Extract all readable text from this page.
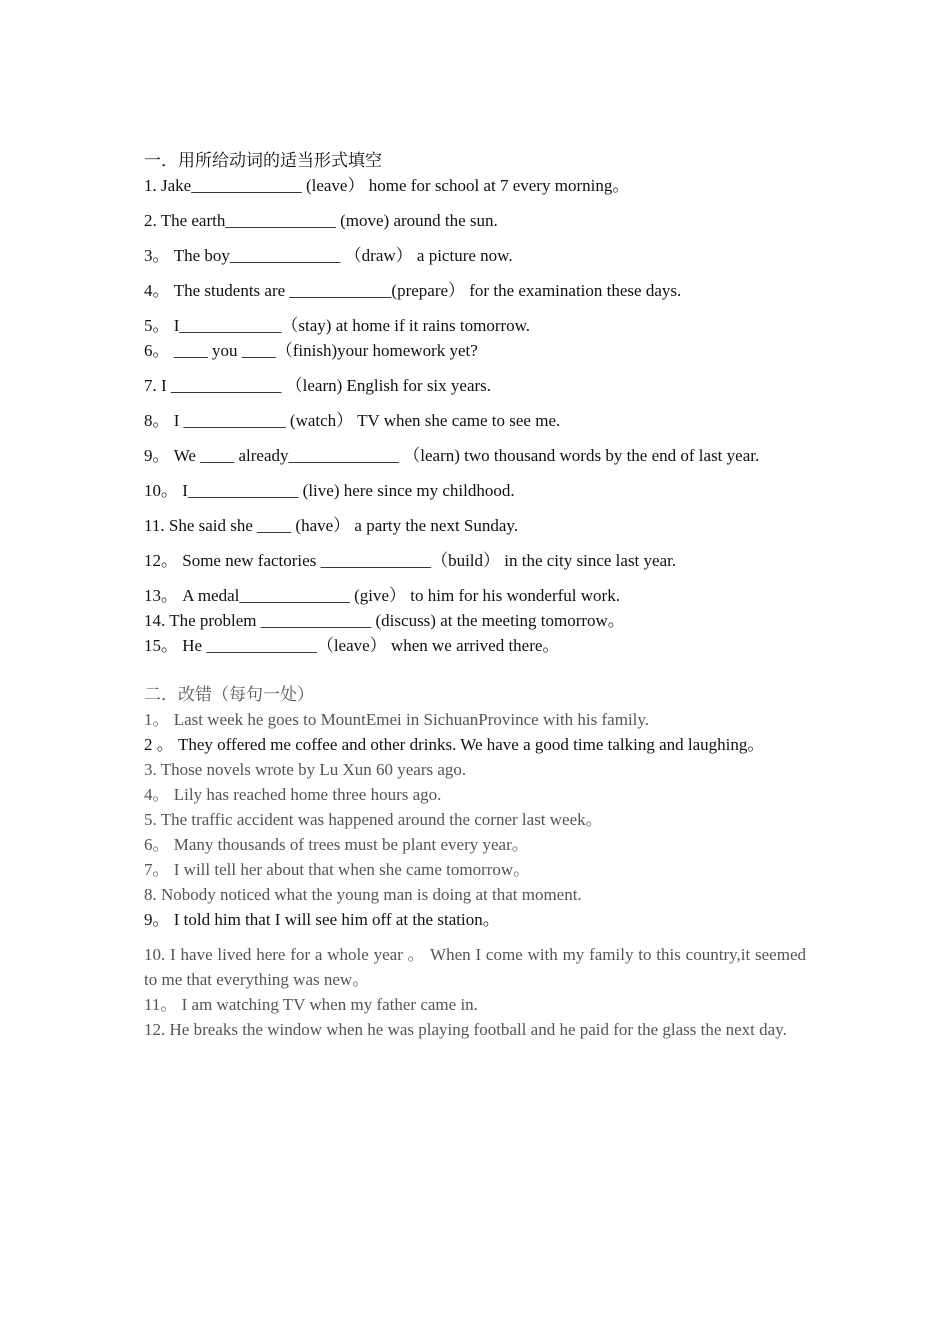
一．用所给动词的适当形式填空
1. Jake_____________ (leave） home for school at 7 every morning。
2. The earth_____________ (move) around the sun.
3。 The boy_____________ （draw） a picture now.
4。 The students are ____________(prepare） for the examination these days.
5。 I____________（stay) at home if it rains tomorrow.
6。 ____ you ____（finish)your homework yet?
7. I _____________ （learn) English for six years.
8。 I ____________ (watch） TV when she came to see me.
9。 We ____ already_____________ （learn) two thousand words by the end of last year.
10。 I_____________ (live) here since my childhood.
11. She said she ____ (have） a party the next Sunday.
12。 Some new factories _____________（build） in the city since last year.
13。 A medal_____________ (give） to him for his wonderful work.
14. The problem _____________ (discuss) at the meeting tomorrow。
15。 He _____________（leave） when we arrived there。
二．改错（每句一处）
1。 Last week he goes to MountEmei in SichuanProvince with his family.
2 。 They offered me coffee and other drinks. We have a good time talking and laughing。
3. Those novels wrote by Lu Xun 60 years ago.
4。 Lily has reached home three hours ago.
5. The traffic accident was happened around the corner last week。
6。 Many thousands of trees must be plant every year。
7。 I will tell her about that when she came tomorrow。
8. Nobody noticed what the young man is doing at that moment.
9。 I told him that I will see him off at the station。
10. I have lived here for a whole year 。 When I come with my family to this country,it seemed to me that everything was new。
11。 I am watching TV when my father came in.
12. He breaks the window when he was playing football and he paid for the glass the next day.
